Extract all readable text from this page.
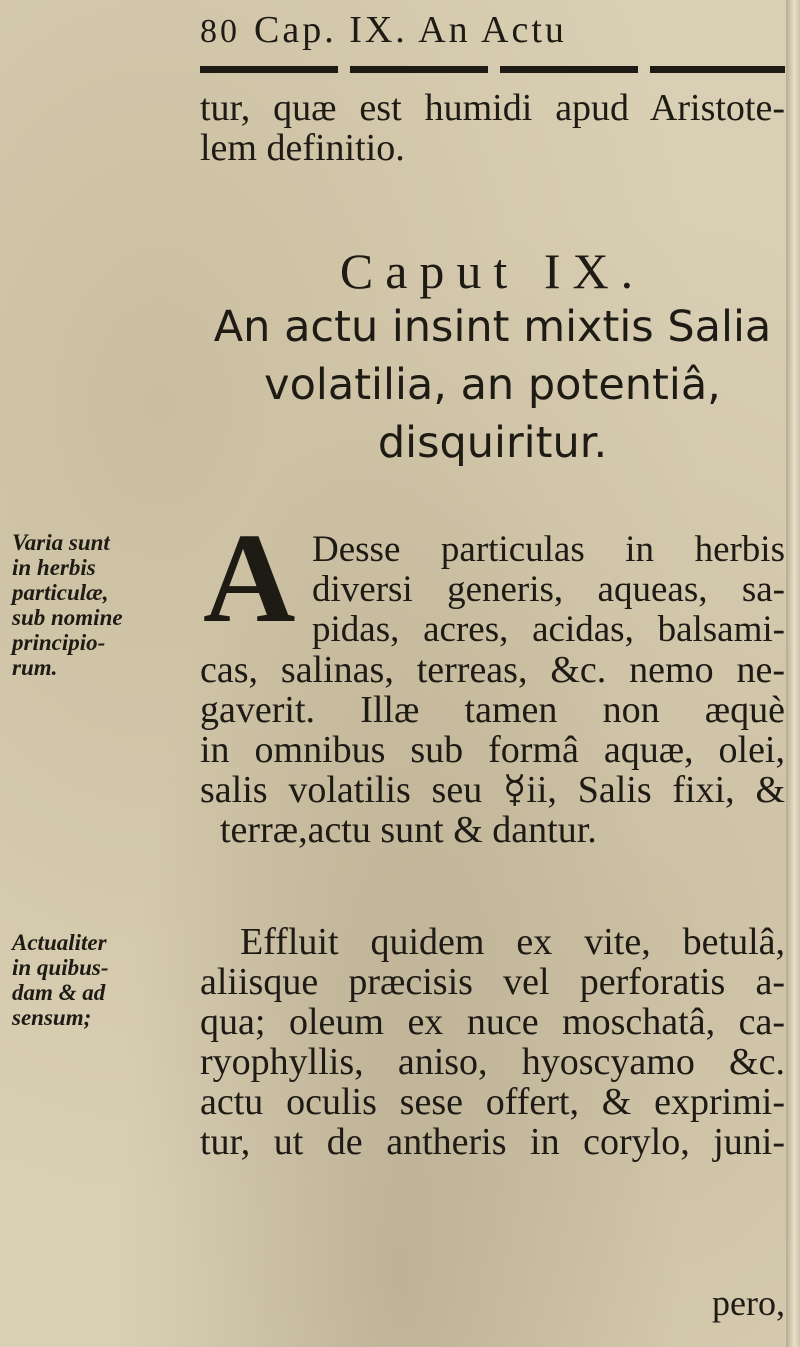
80 Cap. IX. An Actu
tur, quæ est humidi apud Aristote-
lem definitio.
Caput IX.
An actu insint mixtis Salia
volatilia, an potentiâ,
disquiritur.
Varia sunt
in herbis
particulæ,
sub nomine
principio-
rum.
A Desse particulas in herbis
diversi generis, aqueas, sa-
pidas, acres, acidas, balsami-
cas, salinas, terreas, &c. nemo ne-
gaverit. Illæ tamen non æquè
in omnibus sub formâ aquæ, olei,
salis volatilis seu ☿ii, Salis fixi, &
terræ,actu sunt & dantur.
Actualiter
in quibus-
dam & ad
sensum;
Effluit quidem ex vite, betulâ,
aliisque præcisis vel perforatis a-
qua; oleum ex nuce moschatâ, ca-
ryophyllis, aniso, hyoscyamo &c.
actu oculis sese offert, & exprimi-
tur, ut de antheris in corylo, juni-
pero,
